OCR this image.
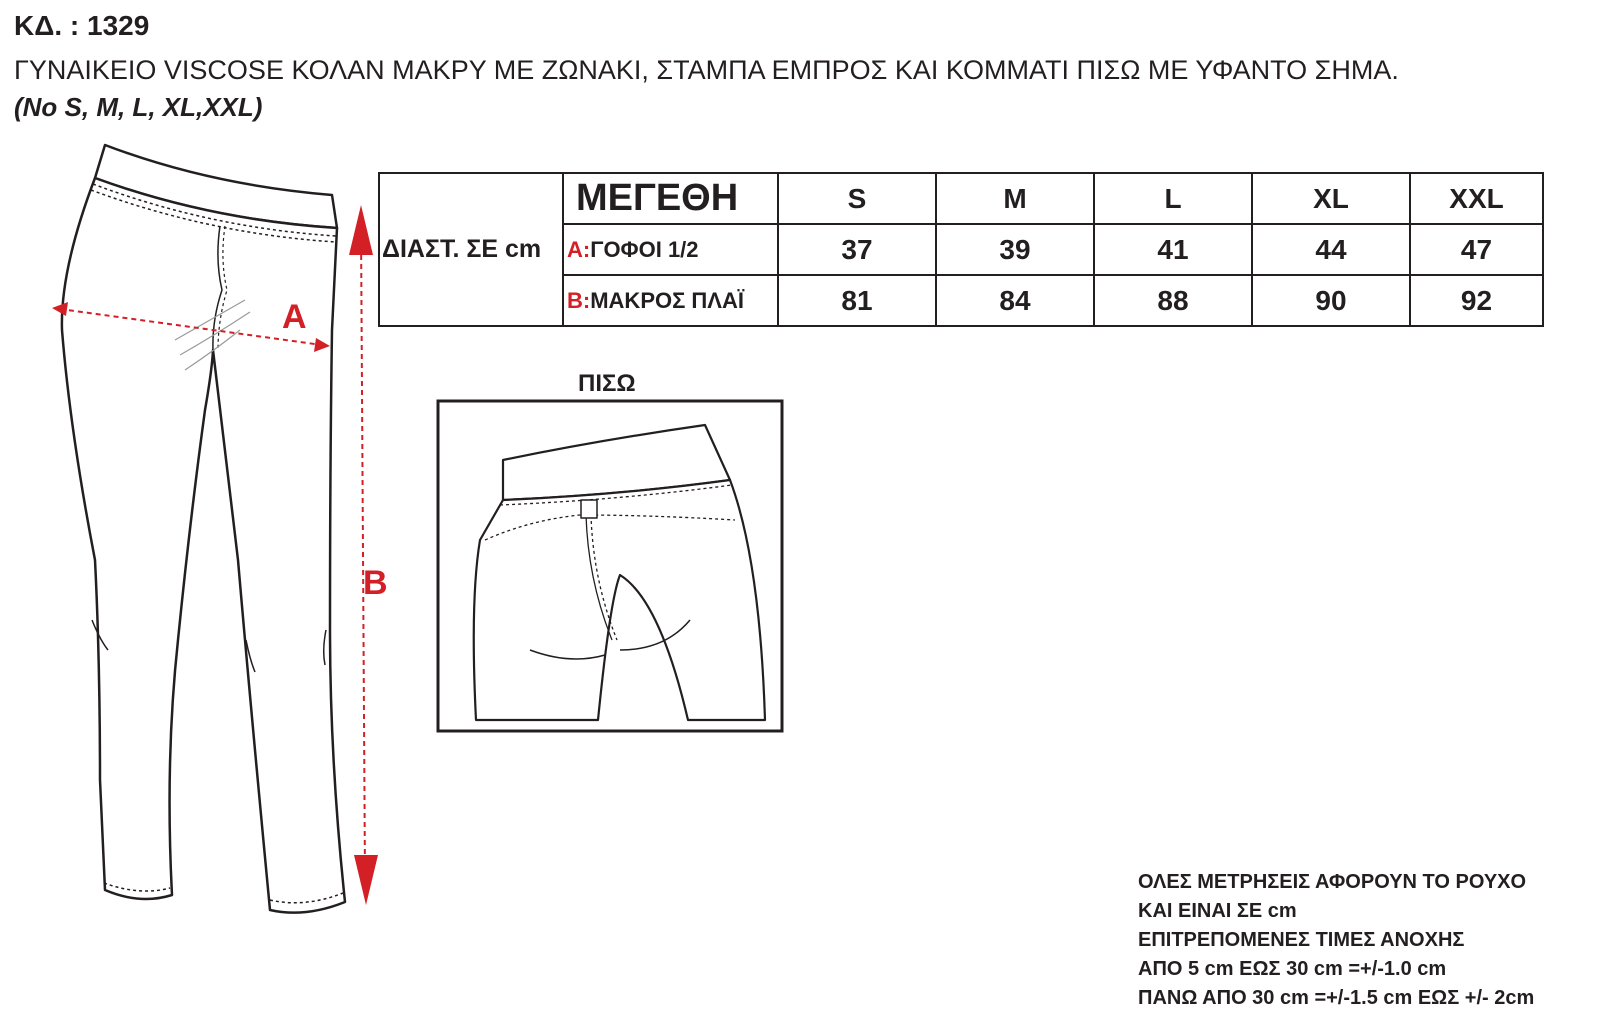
ΚΔ. : 1329
ΓΥΝΑΙΚΕΙΟ VISCOSE ΚΟΛΑΝ ΜΑΚΡΥ ΜΕ ΖΩΝΑΚΙ, ΣΤΑΜΠΑ ΕΜΠΡΟΣ ΚΑΙ ΚΟΜΜΑΤΙ ΠΙΣΩ ΜΕ ΥΦΑΝΤΟ ΣΗΜΑ.
(No S, M, L, XL,XXL)
A
B
ΠΙΣΩ
ΔΙΑΣΤ. ΣΕ cm	ΜΕΓΕΘΗ	S	M	L	XL	XXL
	A:ΓΟΦΟΙ 1/2	37	39	41	44	47
	B:ΜΑΚΡΟΣ ΠΛΑΪ	81	84	88	90	92
ΟΛΕΣ ΜΕΤΡΗΣΕΙΣ ΑΦΟΡΟΥΝ ΤΟ ΡΟΥΧΟ
ΚΑΙ ΕΙΝΑΙ ΣΕ cm
ΕΠΙΤΡΕΠΟΜΕΝΕΣ ΤΙΜΕΣ ΑΝΟΧΗΣ
ΑΠΟ 5 cm ΕΩΣ 30 cm =+/-1.0 cm
ΠΑΝΩ ΑΠΟ 30 cm =+/-1.5 cm ΕΩΣ +/- 2cm
